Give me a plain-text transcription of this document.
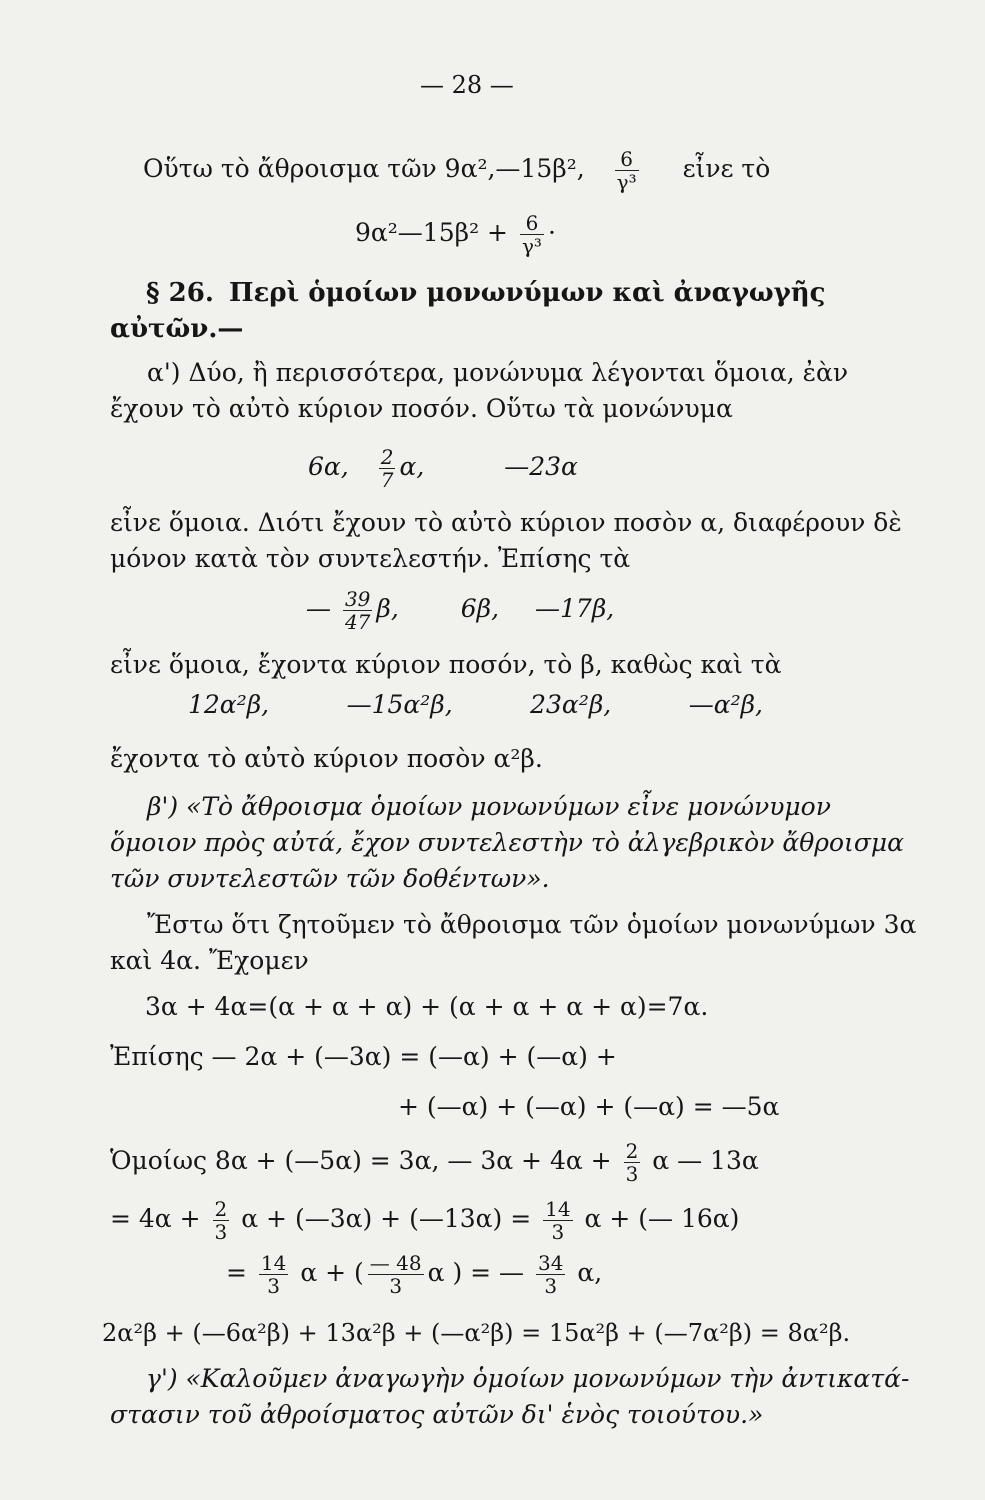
— 28 —
Οὕτω τὸ ἄθροισμα τῶν 9α²,—15β², $\frac{6}{\text{γ³}}$ εἶνε τὸ
9α²—15β² + $\frac{6}{\text{γ³}}$ ·
§ 26. Περὶ ὁμοίων μονωνύμων καὶ ἀναγωγῆς
αὐτῶν.—
α') Δύο, ἢ περισσότερα, μονώνυμα λέγονται ὅμοια, ἐὰν
ἔχουν τὸ αὐτὸ κύριον ποσόν. Οὕτω τὰ μονώνυμα
6α, $\frac{2}{7} \alpha$,	—23α
εἶνε ὅμοια. Διότι ἔχουν τὸ αὐτὸ κύριον ποσὸν α, διαφέρουν δὲ
μόνον κατὰ τὸν συντελεστήν. Ἐπίσης τὰ
— $\frac{39}{47} \beta$, 6β, —17β,
εἶνε ὅμοια, ἔχοντα κύριον ποσόν, τὸ β, καθὼς καὶ τὰ
12α²β,	—15α²β,	23α²β,	—α²β,
ἔχοντα τὸ αὐτὸ κύριον ποσὸν α²β.
β') «Τὸ ἄθροισμα ὁμοίων μονωνύμων εἶνε μονώνυμον
ὅμοιον πρὸς αὐτά, ἔχον συντελεστὴν τὸ ἀλγεβρικὸν ἄθροισμα
τῶν συντελεστῶν τῶν δοθέντων».
Ἔστω ὅτι ζητοῦμεν τὸ ἄθροισμα τῶν ὁμοίων μονωνύμων 3α
καὶ 4α. Ἔχομεν
3α + 4α=(α + α + α) + (α + α + α + α)=7α.
Ἐπίσης — 2α + (—3α) = (—α) + (—α) +
+ (—α) + (—α) + (—α) = —5α
Ὁμοίως 8α + (—5α) = 3α, — $3\alpha + 4\alpha + \frac{2}{3}$ α — 13α
= $4\alpha + \frac{2}{3}$ α + (—3α) + (—13α) = $\frac{14}{3}$ α + (— 16α)
= $\frac{14}{3}$ α + ( $\frac{— 48}{3}$ α ) = — $\frac{34}{3} \alpha$,
2α²β + (—6α²β) + 13α²β + (—α²β) = 15α²β + (—7α²β) = 8α²β.
γ') «Καλοῦμεν ἀναγωγὴν ὁμοίων μονωνύμων τὴν ἀντικατά-
στασιν τοῦ ἀθροίσματος αὐτῶν δι' ἑνὸς τοιούτου.»
